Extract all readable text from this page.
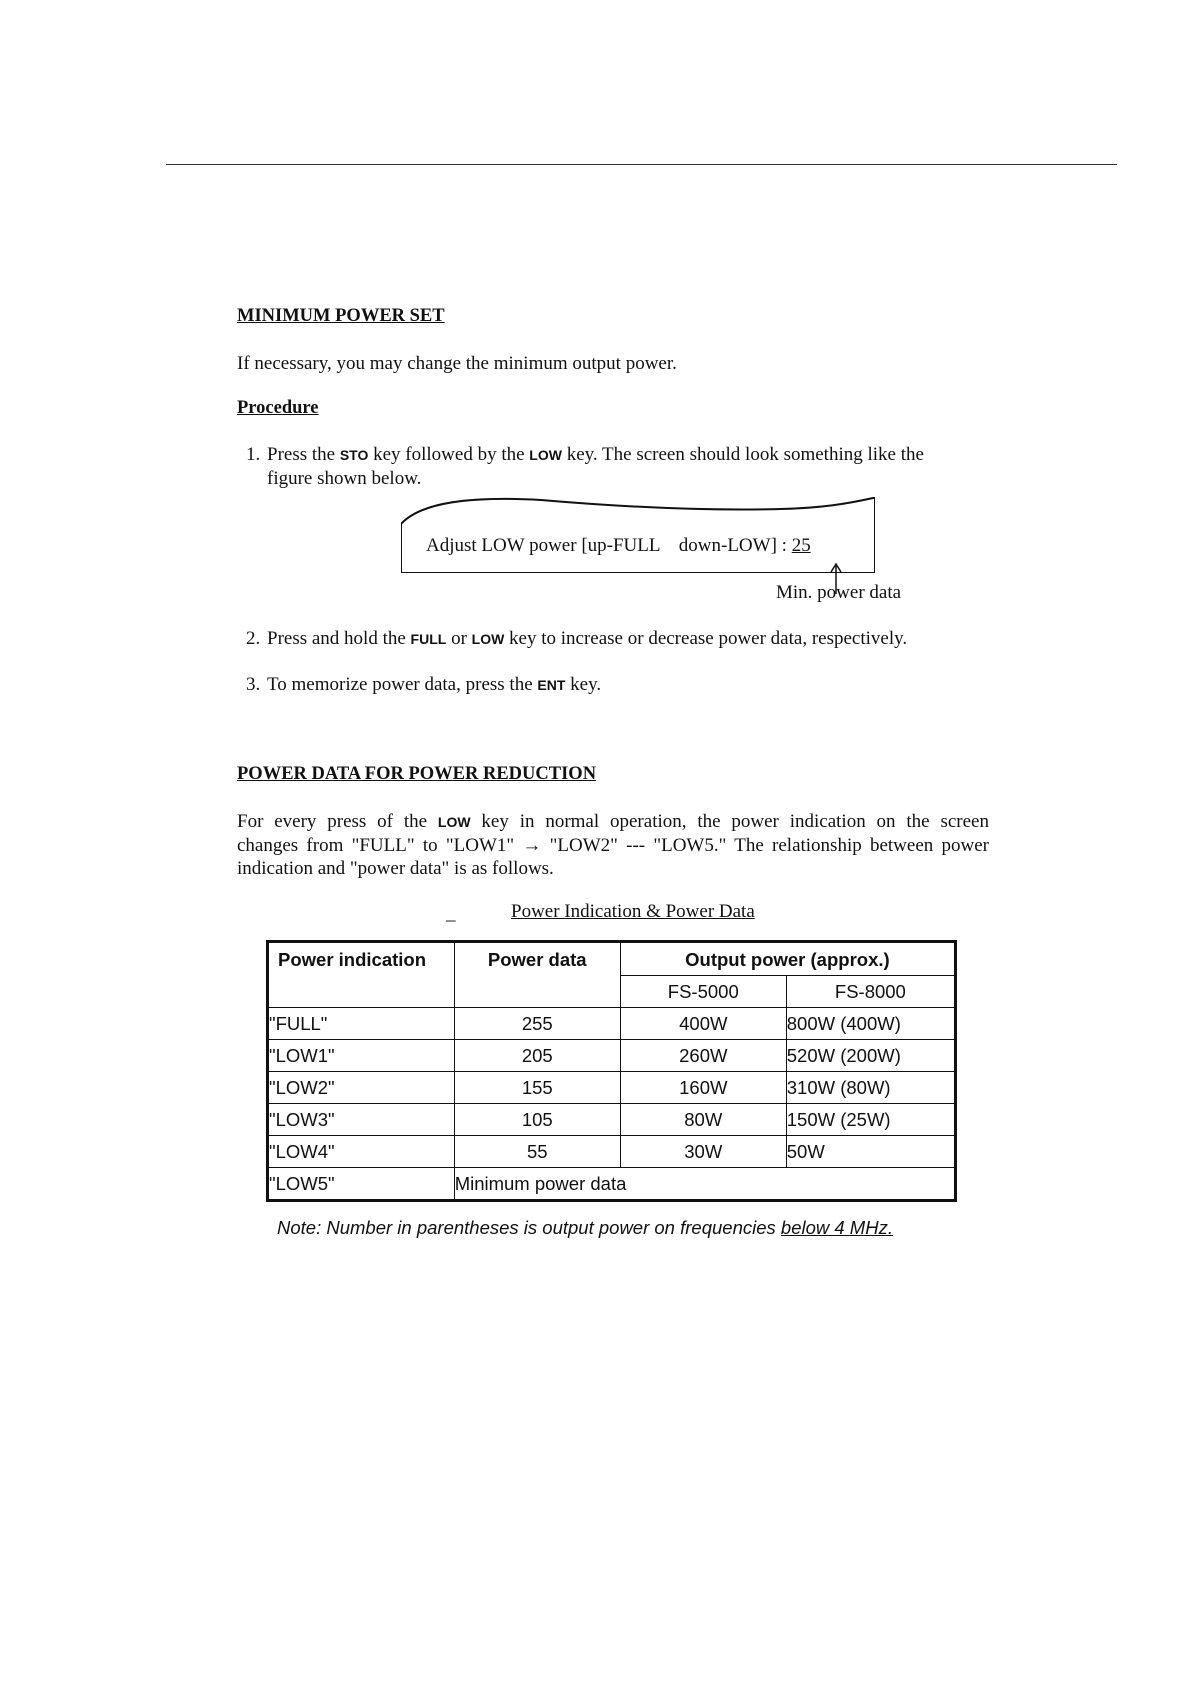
MINIMUM POWER SET
If necessary, you may change the minimum output power.
Procedure
1. Press the STO key followed by the LOW key. The screen should look something like the
figure shown below.
Adjust LOW power [up-FULL    down-LOW] : 25
Min. power data
2. Press and hold the FULL or LOW key to increase or decrease power data, respectively.
3. To memorize power data, press the ENT key.
POWER DATA FOR POWER REDUCTION
For every press of the LOW key in normal operation, the power indication on the screen
changes from "FULL" to "LOW1" → "LOW2" --- "LOW5." The relationship between power
indication and "power data" is as follows.
_	Power Indication & Power Data
Power indication	Power data	Output power (approx.)	
		FS-5000	FS-8000
"FULL"	255	400W	800W (400W)
"LOW1"	205	260W	520W (200W)
"LOW2"	155	160W	310W (80W)
"LOW3"	105	80W	150W (25W)
"LOW4"	55	30W	50W
"LOW5"	Minimum power data		
Note: Number in parentheses is output power on frequencies below 4 MHz.
